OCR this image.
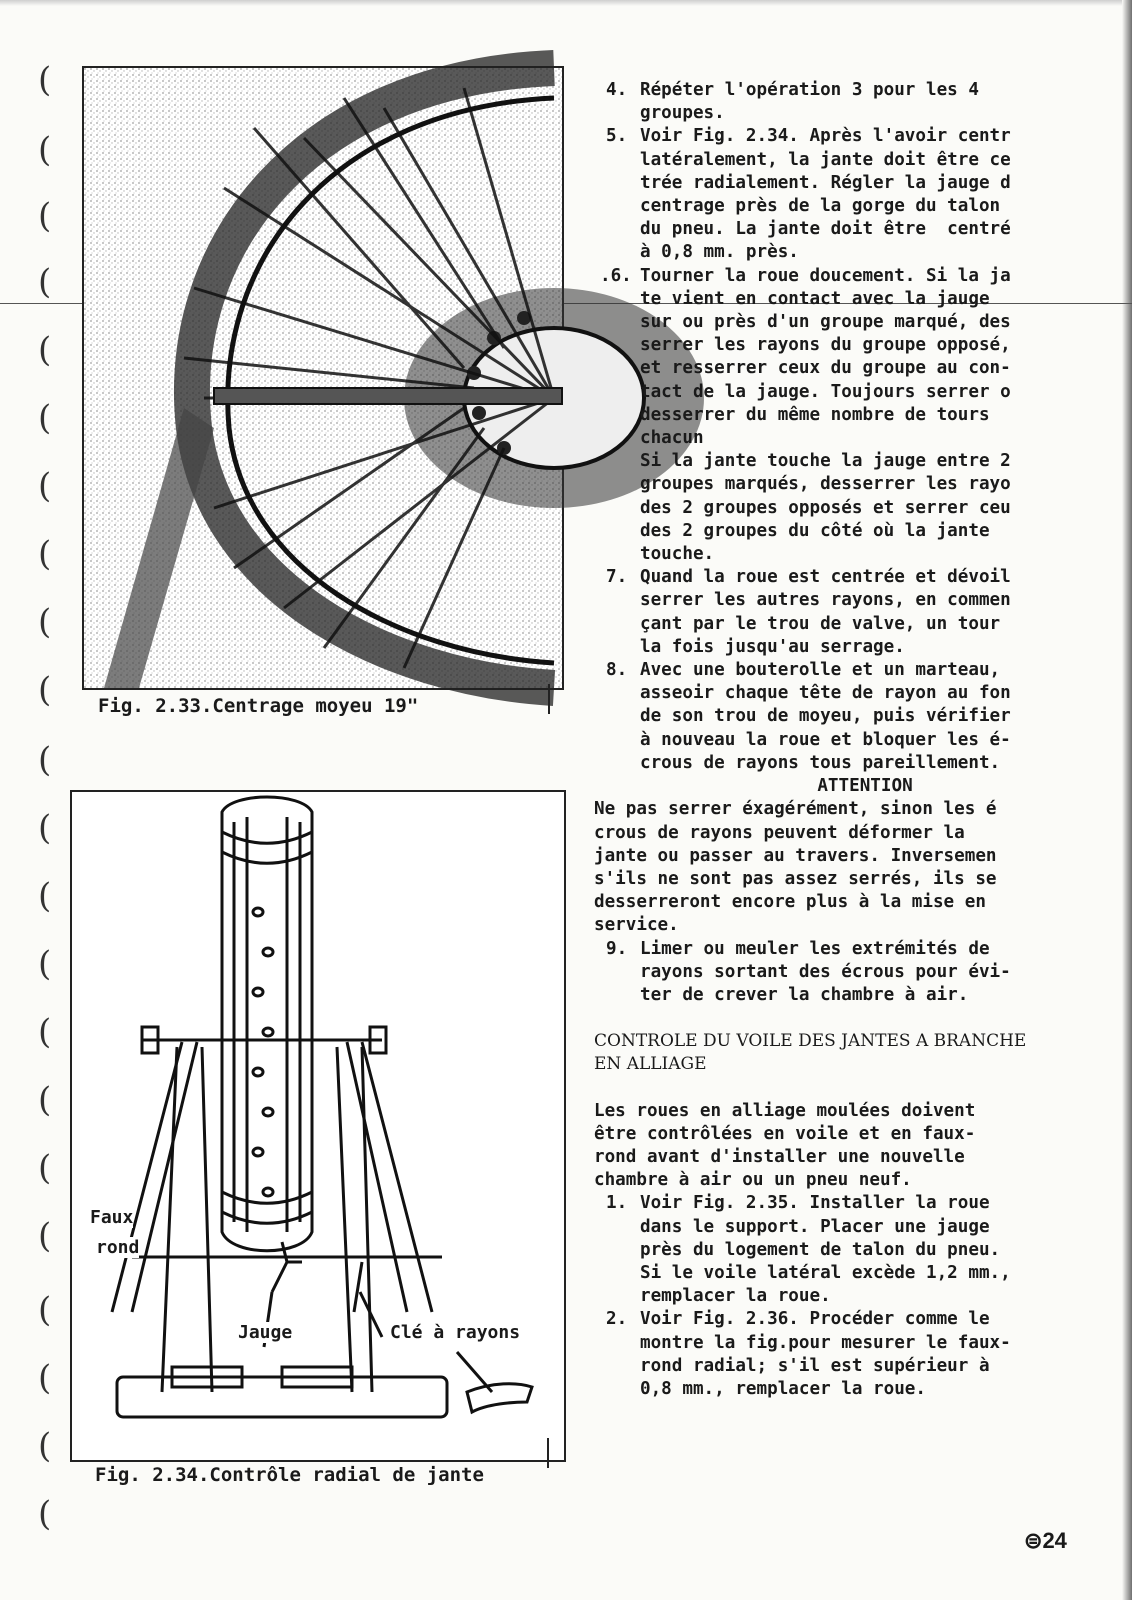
(
(
(
(
(
(
(
(
(
(
(
(
(
(
(
(
(
(
(
(
(
(
Fig. 2.33.Centrage moyeu 19"
Faux
rond
Jauge	Clé à rayons
Fig. 2.34.Contrôle radial de jante
4. Répéter l'opération 3 pour les 4
groupes.
5. Voir Fig. 2.34. Après l'avoir centr
latéralement, la jante doit être ce
trée radialement. Régler la jauge d
centrage près de la gorge du talon
du pneu. La jante doit être  centré
à 0,8 mm. près.
.6. Tourner la roue doucement. Si la ja
te vient en contact avec la jauge
sur ou près d'un groupe marqué, des
serrer les rayons du groupe opposé,
et resserrer ceux du groupe au con-
tact de la jauge. Toujours serrer o
desserrer du même nombre de tours
chacun
Si la jante touche la jauge entre 2
groupes marqués, desserrer les rayo
des 2 groupes opposés et serrer ceu
des 2 groupes du côté où la jante
touche.
7. Quand la roue est centrée et dévoil
serrer les autres rayons, en commen
çant par le trou de valve, un tour
la fois jusqu'au serrage.
8. Avec une bouterolle et un marteau,
asseoir chaque tête de rayon au fon
de son trou de moyeu, puis vérifier
à nouveau la roue et bloquer les é-
crous de rayons tous pareillement.
ATTENTION
Ne pas serrer éxagérément, sinon les é
crous de rayons peuvent déformer la
jante ou passer au travers. Inversemen
s'ils ne sont pas assez serrés, ils se
desserreront encore plus à la mise en
service.
9. Limer ou meuler les extrémités de
rayons sortant des écrous pour évi-
ter de crever la chambre à air.
CONTROLE DU VOILE DES JANTES A BRANCHE
EN ALLIAGE
Les roues en alliage moulées doivent
être contrôlées en voile et en faux-
rond avant d'installer une nouvelle
chambre à air ou un pneu neuf.
1. Voir Fig. 2.35. Installer la roue
dans le support. Placer une jauge
près du logement de talon du pneu.
Si le voile latéral excède 1,2 mm.,
remplacer la roue.
2. Voir Fig. 2.36. Procéder comme le
montre la fig.pour mesurer le faux-
rond radial; s'il est supérieur à
0,8 mm., remplacer la roue.
⊜24
